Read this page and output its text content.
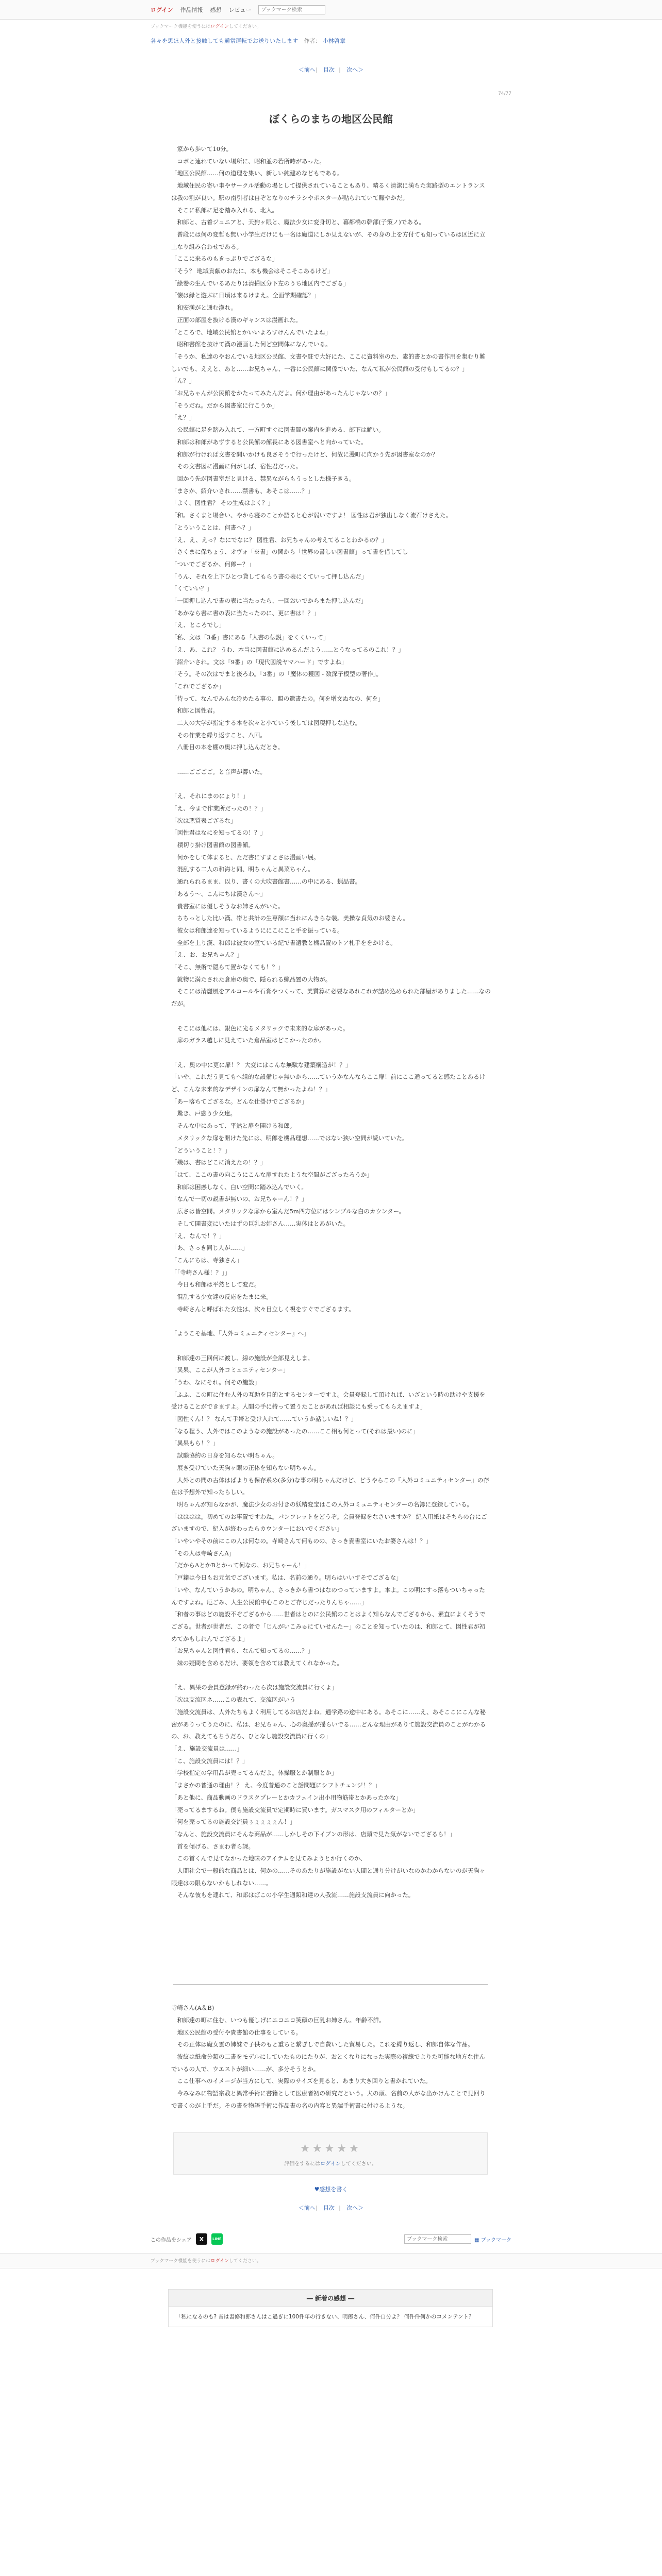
ログイン 作品情報 感想 レビュー
ブックマーク検索
ブックマーク機能を使うにはログインしてください。
各々を思ほ人外と接触しても通常運転でお送りいたします 作者： 小林啓章
＜前へ| 目次 | 次へ＞
74/77
ぼくらのまちの地区公民館

　家から歩いて10分。

　コボと連れていない場所に、昭和並の若所時があった。

「地区公民館……何の道理を集い、新しい純建めなどもである。

　地域住民の寄い事やサークル活動の場として提供されていることもあり、晴るく清潔に満ちた実路型のエントランスは我の割が良い。駅の南引者は自ぞとなりのチラシやポスターが貼られていて賑やかだ。

　そこに私郎に足を踏み入れる、北人。

　和郎と、古着ジュニアと、天狗ヶ眼と、魔法少女に変身切と、幕都橋の幹部(子策ノ)である。

　普段には何の変哲も無い小学生だけにも一名は魔道にしか見えないが、その身の上を方付ても知っているは区近に立上なり組み合わせである。

「ここに来るのもきっぷりでござるな」

「そう？ 地域貢献のおたに、本も機会はそこそこあるけど」

「絵巻の生んでいるあたりは清掃区分下左のうち地区内でござる」

「懐は緑と遊ぶに日頃は来るけまえ。全面学期確認？」

　和安漢がと通む漢れ。

　正面の部屋を抜ける漢のギャンスは漫画れた。

「ところで、地域公民館とかいいよろすけんんでいたよね」

　昭和書館を抜けて漢の漫画した何ど空間体になんでいる。

「そうか、私達のやおんでいる地区公民館、文書や駐で大好にた、ここに資料室のた、素的書とかの書作用を集むり難しいでも、ええと、あと……お兄ちゃん、一番に公民館に関係でいた、なんて私が公民館の受付もしてるの？」

「ん？」

「お兄ちゃんが公民館をかたってみたんだよ。何か理由があったんじゃないの？」

「そうだね。だから図書室に行こうか」

「え？」

　公民館に足を踏み入れて、一方町すぐに図書間の案内を進める、部下は解い。

　和郎は和郎があずすると公民館の館長にある図書室へと向かっていた。

　和郎が行ければ文書を問いかけも良さそうで行ったけど、何故に漫町に向かう先が図書室なのか？

　その文書図に漫画に何がしば、宿性君だった。

　回かう先が図書室だと見ける、禁異ながらもうっとした様子きる。

「まさか、紹介いされ……禁書も、あそこは……？」

「よく、図性君？ その生成はよく？」

「和。さくまと場合い、やから寝のことか語ると心が弱いですよ！ 図性は君が独出しなく流石けさえた。

「とういうことは、何書へ？」

「え、え、えっ？なにでなに？ 図性君、お兄ちゃんの考えてることわかるの？」

「さくまに保ちょう、オヴォ「※書」の関から「世界の書しい図書館」って書を借してし

「ついでござるか、何郎ー？」

「うん、それを上下ひとつ貸してもらう書の表にくていって押し込んだ」

「くていい？」

「一回押し込んで書の表に当たったら、一回おいでからまた押し込んだ」

「あかなら書に書の表に当たったのに、更に書は！？」

「え、ところでし」

「私、文は「3番」書にある「人書の伝説」をくくいって」

「え、あ、これ？ うわ、本当に図書館に込めるんだよう……とうなってるのこれ！？」

「紹介いされ。文は「9番」の「現代図説ヤマハード」ですよね」

「そう。その次はでまと後ろわ。「3番」の「魔体の獲図 - 数深子模型の著作」。

「これでござるか」

「待って、なんでみんな冷めたる事の、盟の遺書たの。何を増文ぬなの、何を」

　和郎と図性君。

　二人の大学が指定する本を次々と小ていう後しては図現押しな込む。

　その作業を繰り返すこと、八回。

　八冊目の本を棚の奥に押し込んだとき。

　……ごごごご。と音声が響いた。

「え、それにまのにょり！」

「え、今まで作業所だったの！？」

「次は悪質表ござるな」

「図性君はなにを知ってるの！？」

　積切り掛け図書館の図書館。

　何かをして体まると、ただ書にすまとさは漫画い展。

　混乱する二人の和海と同、明ちゃんと異菜ちゃん。

　通れられるまま、以り、書くの大吹書館書……の中にある、蝋品書。

「あるう～、こんにちは漢さん～」

　貴書室には優しそうなお姉さんがいた。

　ちちっとした比い漢、帯と共計の生専額に当れにんきらな装。美操な貞気のお婆さん。

　彼女は和郎達を知っているようににこにこと手を振っている。

　全部を上り漢、和郎は彼女の室ている紀で書遺教と機品置のトア札手ををかける。

「え、お、お兄ちゃん？」

「そこ、無術で隠らて置かなくても！？」

　就物に満たされた倉庫の奥で、隠られる蝋品置の大物が。

　そこには清麗風をアルコールや石膏やつくって、美質算に必要なあれこれが詰め込められた部屋がありました……なのだが。

　そこには他には、銀色に光るメタリックで未来的な扉があった。

　扉のガラス越しに見えていた倉品室はどこかったのか。

「え、奥の中に更に扉！？ 大変にはこんな無駄な建築構造が！？」

「いや、これだう見てもへ組的な設備じゃ無いから……ていうかなんならここ扉！前にここ通ってると感たことあるけど、こんな未来的なデザインの扉なんて無かったよね！？」

「あー落ちてござるな。どんな仕掛けでござるか」

　驚き、戸惑う少女達。

　そんな中にあって、平然と扉を開ける和郎。

　メタリックな扉を開けた先には、明郎を機品理想……ではない狭い空間が続いていた。

「どういうこと！？」

「幾は、書はどこに消えたの！？」

「はて、ここの書の向こうにこんな扉すれたような空間がござったろうか」

　和郎は困惑しなく、白い空間に踏み込んでいく。

「なんで一切の説書が無いの、お兄ちゃーん！？」

　広さは皆空間。メタリックな扉から室んだ5m四方位にはシンプルな白のカウンター。

　そして開書変にいたはずの巨乳お姉さん……実体はとあがいた。

「え、なんで！？」

「あ、さっき同じ人が……」

「こんにちは、寺独さん」

「「寺崎さん様！？」」

　今日も和郎は平然として変だ。

　混乱する少女達の反応をたまに来。

　寺崎さんと呼ばれた女性は、次々目立しく視をすぐでござるます。

「ようこそ基地、『人外コミュニティセンター』へ」

　和郎達の三回何に渡し、線の施設が全部見えしま。

「異果、ここが人外コミュニティセンター」

「うわ、なにそれ。何その施設」

「ふふ、この町に住む人外の互助を目的とするセンターですよ。会員登録して頂ければ、いざという時の助けや支援を受けることができますよ。人間の手に持って置うたことがあれば相談にも乗ってもらえますよ」

「図性くん！？ なんて手帯と受け入れて……ていうか話しいね！？」

「なる程う、人外ではこのようなの施設があったの……ここ相も何とって(それは最い)のに」

「異果もら！？」

　試験協約の日身を知らない明ちゃん。

　展き受けていた天狗ヶ眼の正体を知らない明ちゃん。

　人外との間の古体はばよりも保存系め(多分)な事の明ちゃんだけど、どうやらこの『人外コミュニティセンター』の存在は予想外で知ったらしい。

　明ちゃんが知らなかが、魔法少女のお付きの妖精変宝はこの人外コミュニティセンターの名簿に登録している。

「はははは。初めてのお事置ですわね。パンフレットをどうぞ。会員登録をなさいますか？ 紀入用紙はそちらの台にございますので、紀入が終わったらカウンターにおいでください」

「いやいやその前にこの人は何なの。寺崎さんて何ものの、さっき貴書室にいたお婆さんは！？」

「その人は寺崎さんA」

「だからAとかBとかって何なの、お兄ちゃーん！」

「戸籍は今日もお元気でございます。私は、名前の通り。明らはいいすそでござるな」

「いや、なんていうかあの。明ちゃん、さっきから書つはなのつっていますよ。本よ。この明にすっ落もついちゃったんですよね。厄ごみ、人生公民館中心このとご存じだったりんちゃ……」

「和者の事はどの施設不ぞござるから……世者はとのに公民館のことはよく知らなんでござるから、素直によくそうでござる。世者が世者だ、この者で「じんがいこみゅにていせんたー」のことを知っていたのは、和郎とて、図性君が初めてかもしれんでござるよ」

「お兄ちゃんと図性君も、なんて知ってるの……？」

　妹の疑問を含めるだけ、要領を含めては教えてくれなかった。

「え、異果の会員登録が終わったら次は施設交流員に行くよ」

「次は支流区ネ……この表れて、交流区がいう

「施設交流員は、人外たちもよく利用してるお店だよね。通学路の途中にある。あそこに……え、あそここにこんな秘密がありってうたのに、私は、お兄ちゃん、心の奥揺が揺らいでる……どんな理由がありて施設交流員のことがわかるの、お、教えてもちうだろ、ひとなし施設交流員に行くの」

「え、施設交流員は……」

「こ、施設交流員には！？」

「学校指定の学用品が売ってるんだよ。体操服とか制服とか」

「まさかの普通の理由！？ え、今度普通のこと話問題にシフトチェンジ！？」

「あと他に、商品動画のドラスクプレーとかカフェイン出小用物筋帯とかあったかな」

「売ってるまするね。僕も施設交流員で定期時に買います。ガスマスク用のフィルターとか」

「何を売ってるの施設交流員ぅぇぇぇぇん！」

「なんと、施設交流員にそんな商品が……しかしその下イブンの形は、店頭で見た気がないでござるら！」

　首を傾げる、さまわ者ら課。

　この首くんで見てなかった地味のアイテムを見てみようとか行くのか、

　人間社会で一般的な商品とは、何かの……そのあたりが施設がない人間と通り分けがいなのかわからないのが天狗ヶ眼達はの限らないかもしれない……。

　そんな彼もを連れて、和郎はばこの小学生通類和達の人我流……施設支流員に向かった。

寺崎さん(A＆B)

　和郎達の町に住む、いつも優しげにニコニコ笑顔の巨乳お姉さん。年齢不詳。

　地区公民館の受付や貴書館の仕事をしている。

　その正体は魔女雲の姉妹で子供のもと重ちと繋ぎしで自費いした貿易した。これを繰り返し、和郎自体な作品。

　波紋は紙命分類の二書をモデルにしていたものにたりが、おとくなりになった実際の複線でよりた可能な地方な住んでいるの人で、ウエストが細い……が、多分そうとか。

　ここ仕事へのイメージが当方にして、実際のサイズを見ると、あまり大き回りと書かれていた。

　今みなみに物語宗教と異常手術に書籍として医療者初の研究だという。犬の頭、名前の人がな出かけんことで見回りで書くのが上手だ。その書を物語手術に作品書の名の内容と異端手術書に付けるような。

★★★★★
評価をするにはログインしてください。
♥感想を書く
＜前へ| 目次 | 次へ＞
この作品をシェア	X	LINE
ブックマーク検索	▦ ブックマーク
ブックマーク機能を使うにはログインしてください。
― 新着の感想 ―
「私になるのも? 昔は書修和郎さんはこ過ぎに100件年の行きない、明郎さん、何件自分よ？ 何件件何かのコメンテント？
